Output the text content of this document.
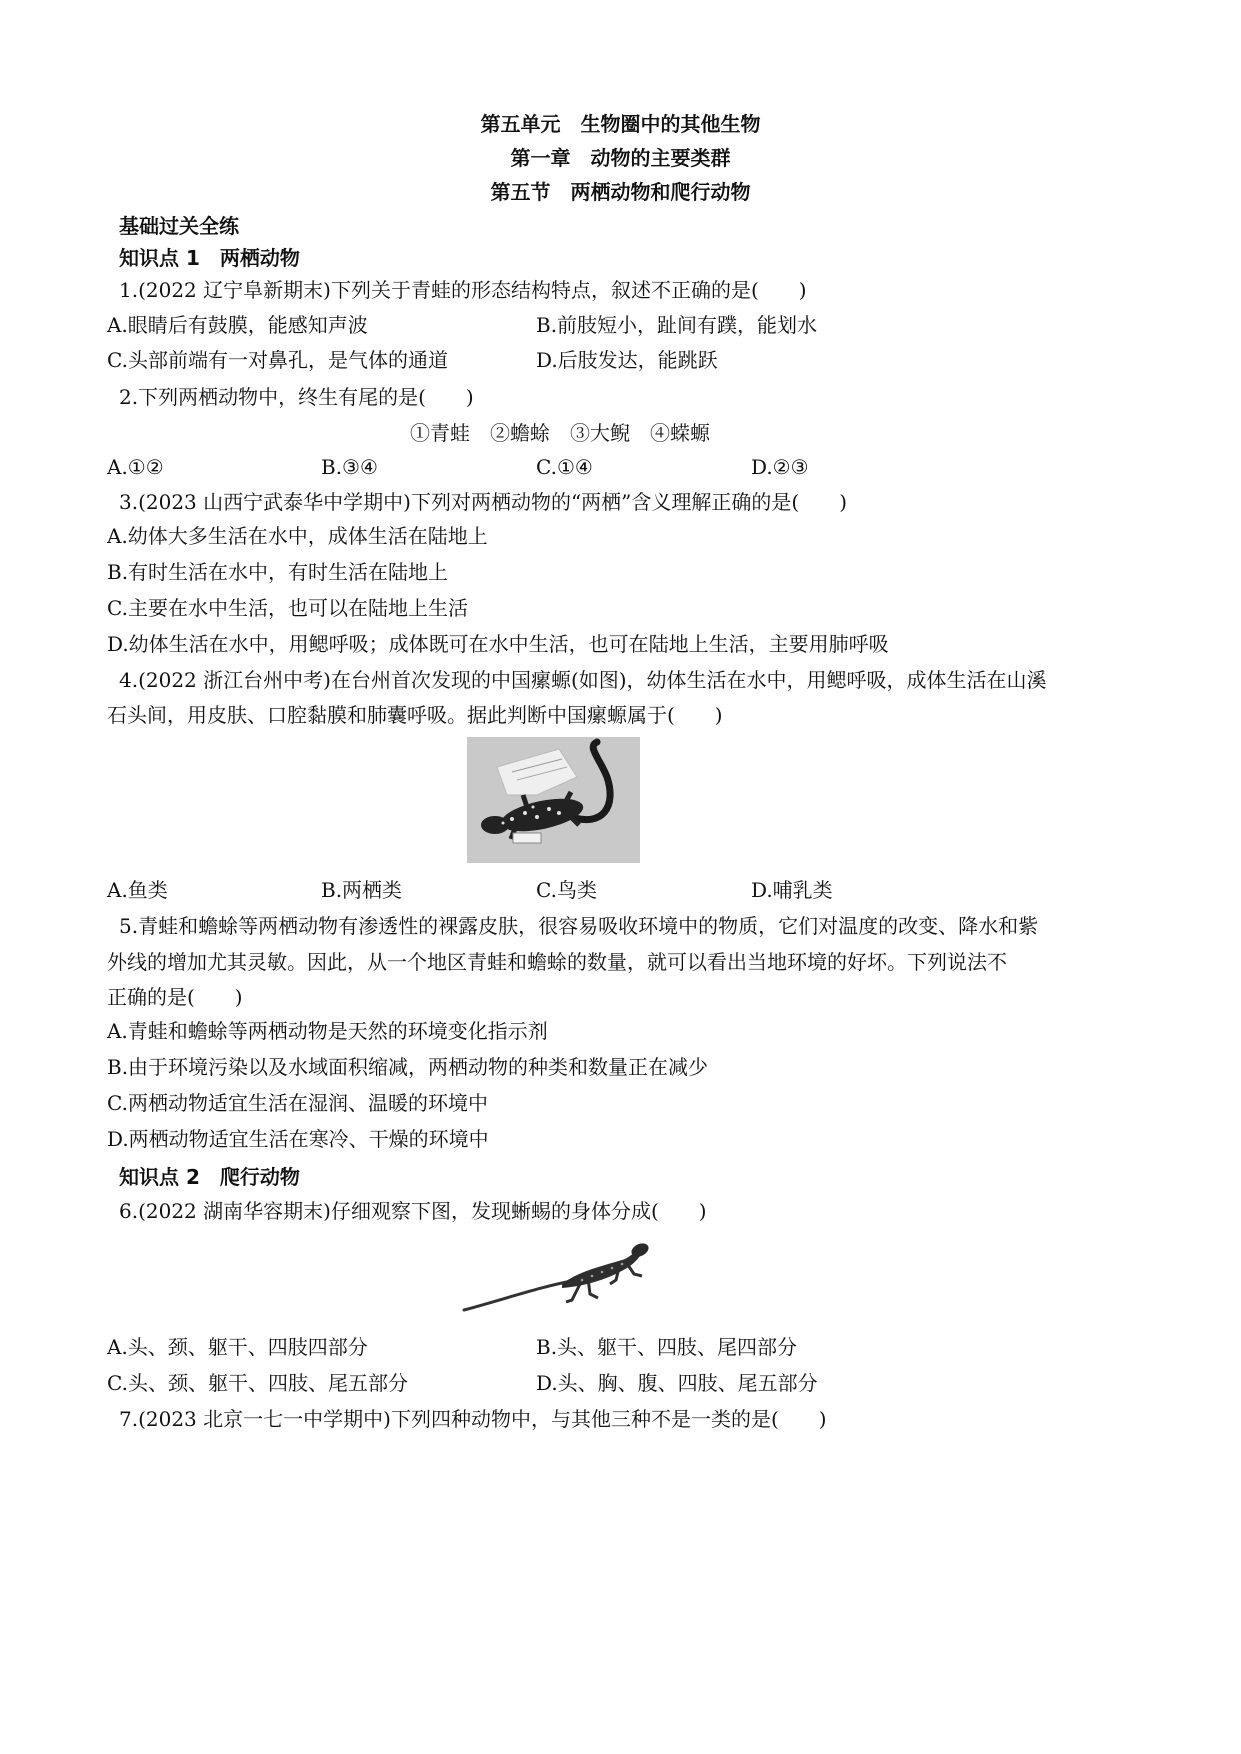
第五单元　生物圈中的其他生物
第一章　动物的主要类群
第五节　两栖动物和爬行动物
基础过关全练
知识点 1　两栖动物
1.(2022 辽宁阜新期末)下列关于青蛙的形态结构特点，叙述不正确的是(　　)
A.眼睛后有鼓膜，能感知声波	B.前肢短小，趾间有蹼，能划水
C.头部前端有一对鼻孔，是气体的通道	D.后肢发达，能跳跃
2.下列两栖动物中，终生有尾的是(　　)
①青蛙　②蟾蜍　③大鲵　④蝾螈
A.①②	B.③④	C.①④	D.②③
3.(2023 山西宁武泰华中学期中)下列对两栖动物的“两栖”含义理解正确的是(　　)
A.幼体大多生活在水中，成体生活在陆地上
B.有时生活在水中，有时生活在陆地上
C.主要在水中生活，也可以在陆地上生活
D.幼体生活在水中，用鳃呼吸；成体既可在水中生活，也可在陆地上生活，主要用肺呼吸
4.(2022 浙江台州中考)在台州首次发现的中国瘰螈(如图)，幼体生活在水中，用鳃呼吸，成体生活在山溪
石头间，用皮肤、口腔黏膜和肺囊呼吸。据此判断中国瘰螈属于(　　)
A.鱼类	B.两栖类	C.鸟类	D.哺乳类
5.青蛙和蟾蜍等两栖动物有渗透性的裸露皮肤，很容易吸收环境中的物质，它们对温度的改变、降水和紫
外线的增加尤其灵敏。因此，从一个地区青蛙和蟾蜍的数量，就可以看出当地环境的好坏。下列说法不
正确的是(　　)
A.青蛙和蟾蜍等两栖动物是天然的环境变化指示剂
B.由于环境污染以及水域面积缩减，两栖动物的种类和数量正在减少
C.两栖动物适宜生活在湿润、温暖的环境中
D.两栖动物适宜生活在寒冷、干燥的环境中
知识点 2　爬行动物
6.(2022 湖南华容期末)仔细观察下图，发现蜥蜴的身体分成(　　)
A.头、颈、躯干、四肢四部分	B.头、躯干、四肢、尾四部分
C.头、颈、躯干、四肢、尾五部分	D.头、胸、腹、四肢、尾五部分
7.(2023 北京一七一中学期中)下列四种动物中，与其他三种不是一类的是(　　)
